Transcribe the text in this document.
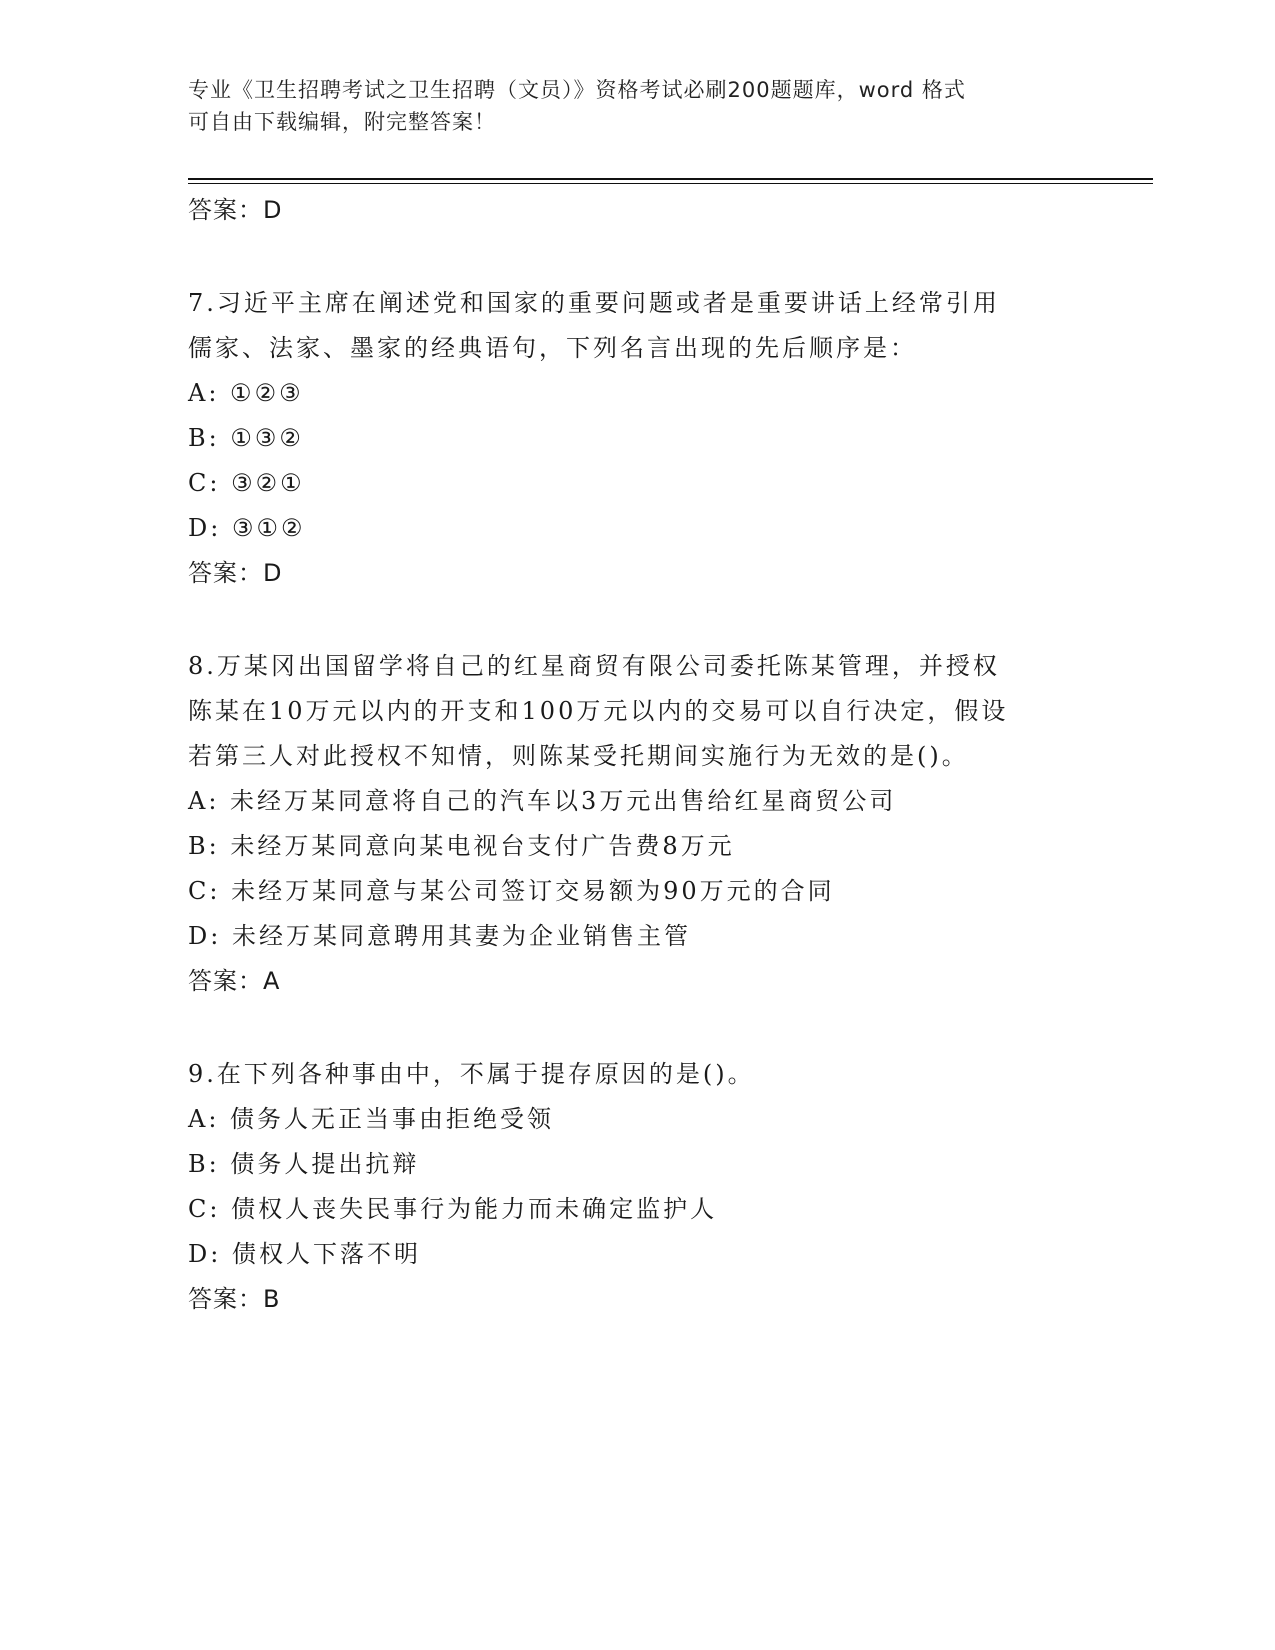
专业《卫生招聘考试之卫生招聘（文员）》资格考试必刷200题题库，word 格式
可自由下载编辑，附完整答案！
答案：D
7.习近平主席在阐述党和国家的重要问题或者是重要讲话上经常引用
儒家、法家、墨家的经典语句，下列名言出现的先后顺序是：
A: ①②③
B: ①③②
C: ③②①
D: ③①②
答案：D
8.万某冈出国留学将自己的红星商贸有限公司委托陈某管理，并授权
陈某在10万元以内的开支和100万元以内的交易可以自行决定，假设
若第三人对此授权不知情，则陈某受托期间实施行为无效的是()。
A: 未经万某同意将自己的汽车以3万元出售给红星商贸公司
B: 未经万某同意向某电视台支付广告费8万元
C: 未经万某同意与某公司签订交易额为90万元的合同
D: 未经万某同意聘用其妻为企业销售主管
答案：A
9.在下列各种事由中，不属于提存原因的是()。
A: 债务人无正当事由拒绝受领
B: 债务人提出抗辩
C: 债权人丧失民事行为能力而未确定监护人
D: 债权人下落不明
答案：B
